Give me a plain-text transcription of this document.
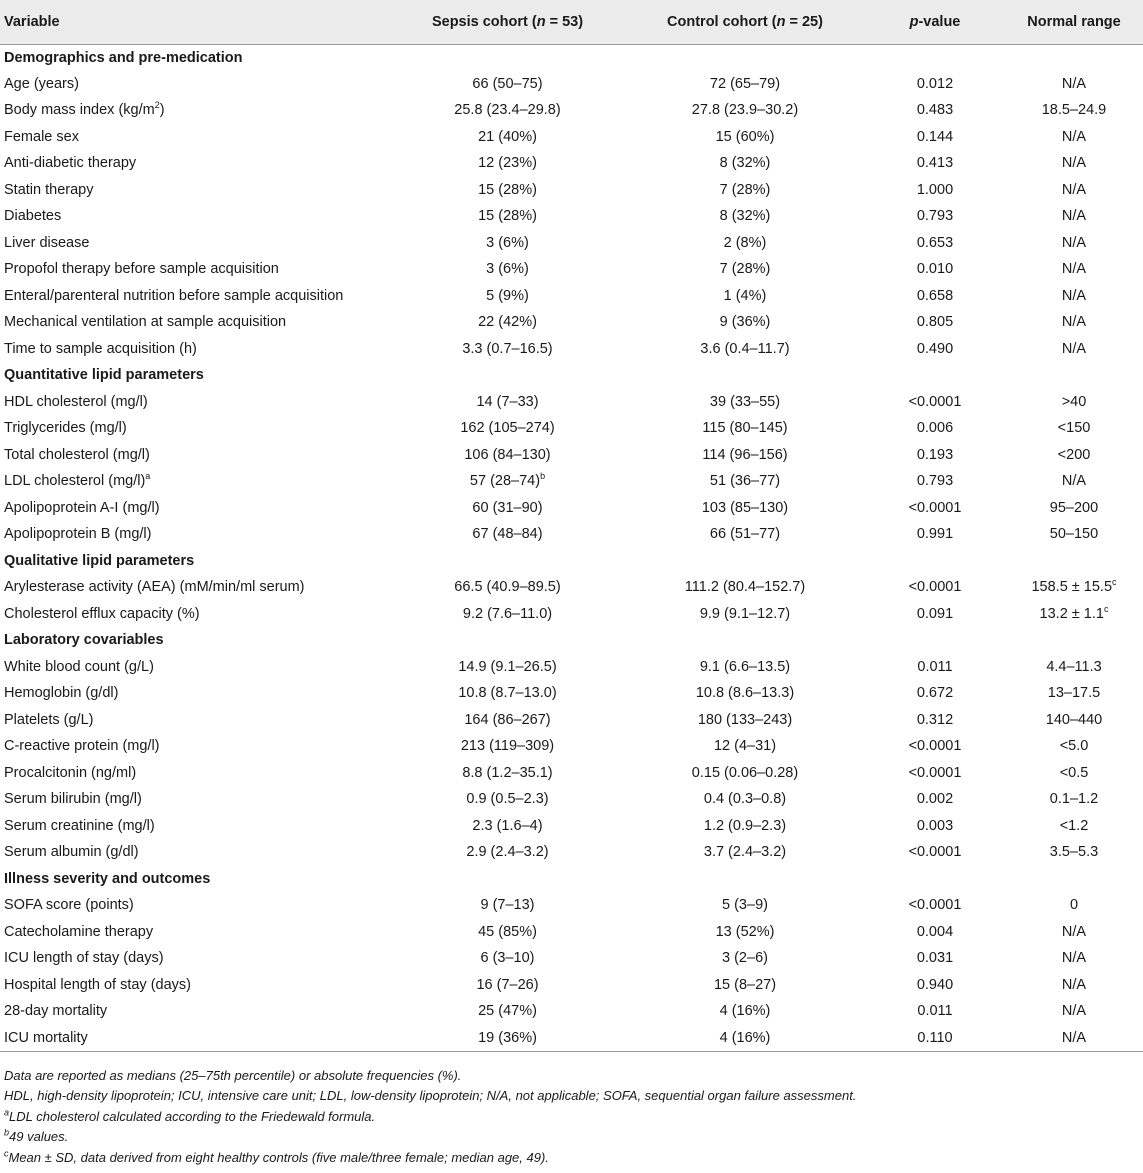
Variable	Sepsis cohort (n = 53)	Control cohort (n = 25)	p-value	Normal range
Demographics and pre-medication				
Age (years)	66 (50–75)	72 (65–79)	0.012	N/A
Body mass index $(kg/m^2)$	25.8 (23.4–29.8)	27.8 (23.9–30.2)	0.483	18.5–24.9
Female sex	21 (40%)	15 (60%)	0.144	N/A
Anti-diabetic therapy	12 (23%)	8 (32%)	0.413	N/A
Statin therapy	15 (28%)	7 (28%)	1.000	N/A
Diabetes	15 (28%)	8 (32%)	0.793	N/A
Liver disease	3 (6%)	2 (8%)	0.653	N/A
Propofol therapy before sample acquisition	3 (6%)	7 (28%)	0.010	N/A
Enteral/parenteral nutrition before sample acquisition	5 (9%)	1 (4%)	0.658	N/A
Mechanical ventilation at sample acquisition	22 (42%)	9 (36%)	0.805	N/A
Time to sample acquisition (h)	3.3 (0.7–16.5)	3.6 (0.4–11.7)	0.490	N/A
Quantitative lipid parameters				
HDL cholesterol (mg/l)	14 (7–33)	39 (33–55)	<0.0001	>40
Triglycerides (mg/l)	162 (105–274)	115 (80–145)	0.006	<150
Total cholesterol (mg/l)	106 (84–130)	114 (96–156)	0.193	<200
LDL cholesterol $(mg/l)^a$	57 $(28-74)^b$	51 (36–77)	0.793	N/A
Apolipoprotein A-I (mg/l)	60 (31–90)	103 (85–130)	<0.0001	95–200
Apolipoprotein B (mg/l)	67 (48–84)	66 (51–77)	0.991	50–150
Qualitative lipid parameters				
Arylesterase activity (AEA) (mM/min/ml serum)	66.5 (40.9–89.5)	111.2 (80.4–152.7)	<0.0001	158.5 ± 15.5$^c$
Cholesterol efflux capacity (%)	9.2 (7.6–11.0)	9.9 (9.1–12.7)	0.091	13.2 ± 1.1$^c$
Laboratory covariables				
White blood count (g/L)	14.9 (9.1–26.5)	9.1 (6.6–13.5)	0.011	4.4–11.3
Hemoglobin (g/dl)	10.8 (8.7–13.0)	10.8 (8.6–13.3)	0.672	13–17.5
Platelets (g/L)	164 (86–267)	180 (133–243)	0.312	140–440
C-reactive protein (mg/l)	213 (119–309)	12 (4–31)	<0.0001	<5.0
Procalcitonin (ng/ml)	8.8 (1.2–35.1)	0.15 (0.06–0.28)	<0.0001	<0.5
Serum bilirubin (mg/l)	0.9 (0.5–2.3)	0.4 (0.3–0.8)	0.002	0.1–1.2
Serum creatinine (mg/l)	2.3 (1.6–4)	1.2 (0.9–2.3)	0.003	<1.2
Serum albumin (g/dl)	2.9 (2.4–3.2)	3.7 (2.4–3.2)	<0.0001	3.5–5.3
Illness severity and outcomes				
SOFA score (points)	9 (7–13)	5 (3–9)	<0.0001	0
Catecholamine therapy	45 (85%)	13 (52%)	0.004	N/A
ICU length of stay (days)	6 (3–10)	3 (2–6)	0.031	N/A
Hospital length of stay (days)	16 (7–26)	15 (8–27)	0.940	N/A
28-day mortality	25 (47%)	4 (16%)	0.011	N/A
ICU mortality	19 (36%)	4 (16%)	0.110	N/A
Data are reported as medians (25–75th percentile) or absolute frequencies (%).
HDL, high-density lipoprotein; ICU, intensive care unit; LDL, low-density lipoprotein; N/A, not applicable; SOFA, sequential organ failure assessment.
$^a$LDL cholesterol calculated according to the Friedewald formula.
$^b$49 values.
$^c$Mean ± SD, data derived from eight healthy controls (five male/three female; median age, 49).
